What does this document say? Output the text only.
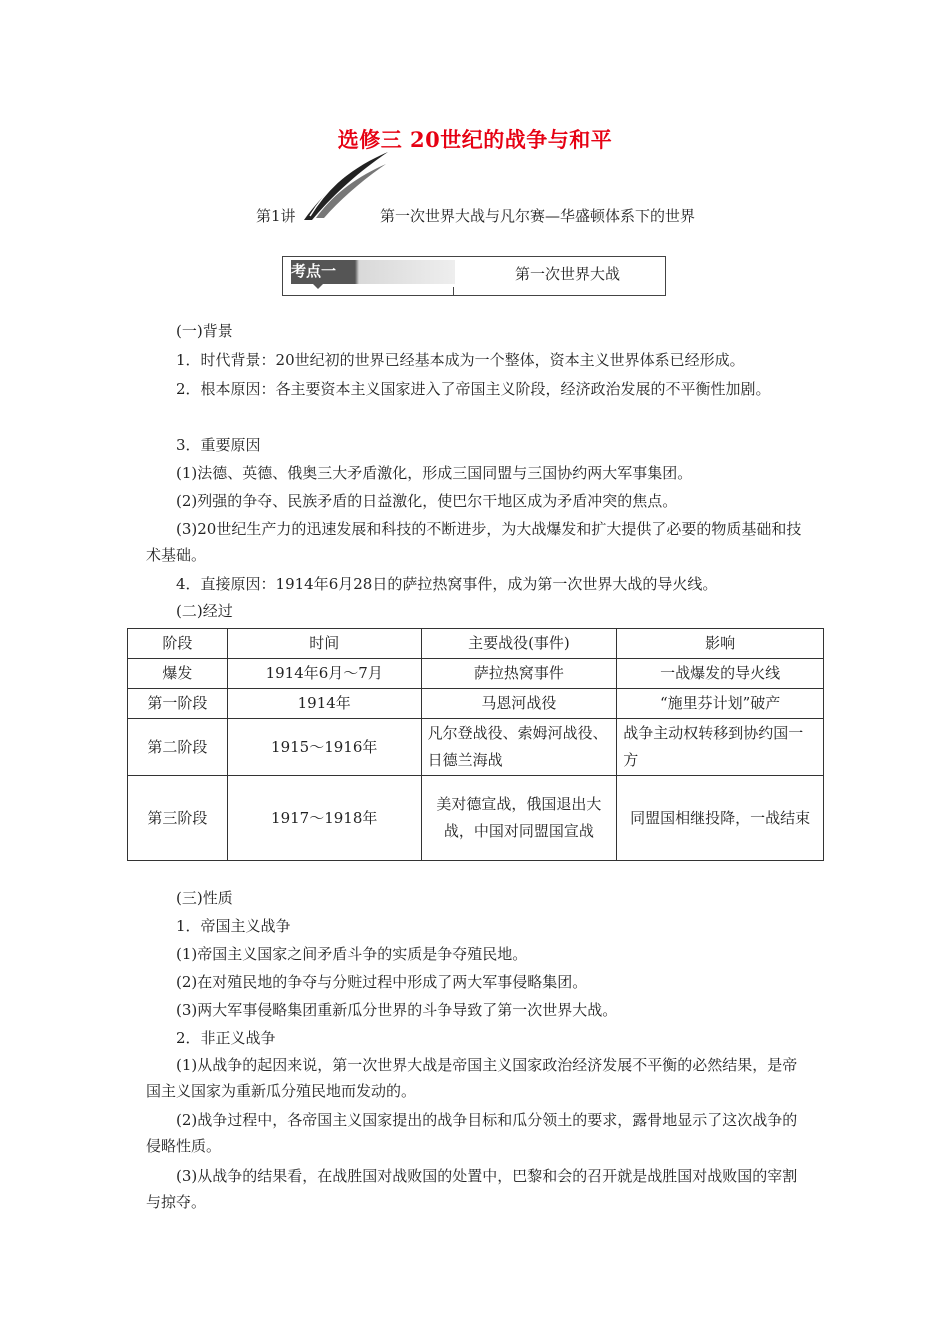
选修三 20世纪的战争与和平
第1讲	第一次世界大战与凡尔赛—华盛顿体系下的世界
考点一	第一次世界大战

(一)背景

1．时代背景：20世纪初的世界已经基本成为一个整体，资本主义世界体系已经形成。

2．根本原因：各主要资本主义国家进入了帝国主义阶段，经济政治发展的不平衡性加剧。

3．重要原因

(1)法德、英德、俄奥三大矛盾激化，形成三国同盟与三国协约两大军事集团。

(2)列强的争夺、民族矛盾的日益激化，使巴尔干地区成为矛盾冲突的焦点。

(3)20世纪生产力的迅速发展和科技的不断进步，为大战爆发和扩大提供了必要的物质基础和技术基础。

4．直接原因：1914年6月28日的萨拉热窝事件，成为第一次世界大战的导火线。

(二)经过

阶段	时间	主要战役(事件)	影响
爆发	1914年6月～7月	萨拉热窝事件	一战爆发的导火线
第一阶段	1914年	马恩河战役	“施里芬计划”破产
第二阶段	1915～1916年	凡尔登战役、索姆河战役、日德兰海战	战争主动权转移到协约国一方
第三阶段	1917～1918年	美对德宣战，俄国退出大战，中国对同盟国宣战	同盟国相继投降，一战结束

(三)性质

1．帝国主义战争

(1)帝国主义国家之间矛盾斗争的实质是争夺殖民地。

(2)在对殖民地的争夺与分赃过程中形成了两大军事侵略集团。

(3)两大军事侵略集团重新瓜分世界的斗争导致了第一次世界大战。

2．非正义战争

(1)从战争的起因来说，第一次世界大战是帝国主义国家政治经济发展不平衡的必然结果，是帝国主义国家为重新瓜分殖民地而发动的。

(2)战争过程中，各帝国主义国家提出的战争目标和瓜分领土的要求，露骨地显示了这次战争的侵略性质。

(3)从战争的结果看，在战胜国对战败国的处置中，巴黎和会的召开就是战胜国对战败国的宰割与掠夺。
